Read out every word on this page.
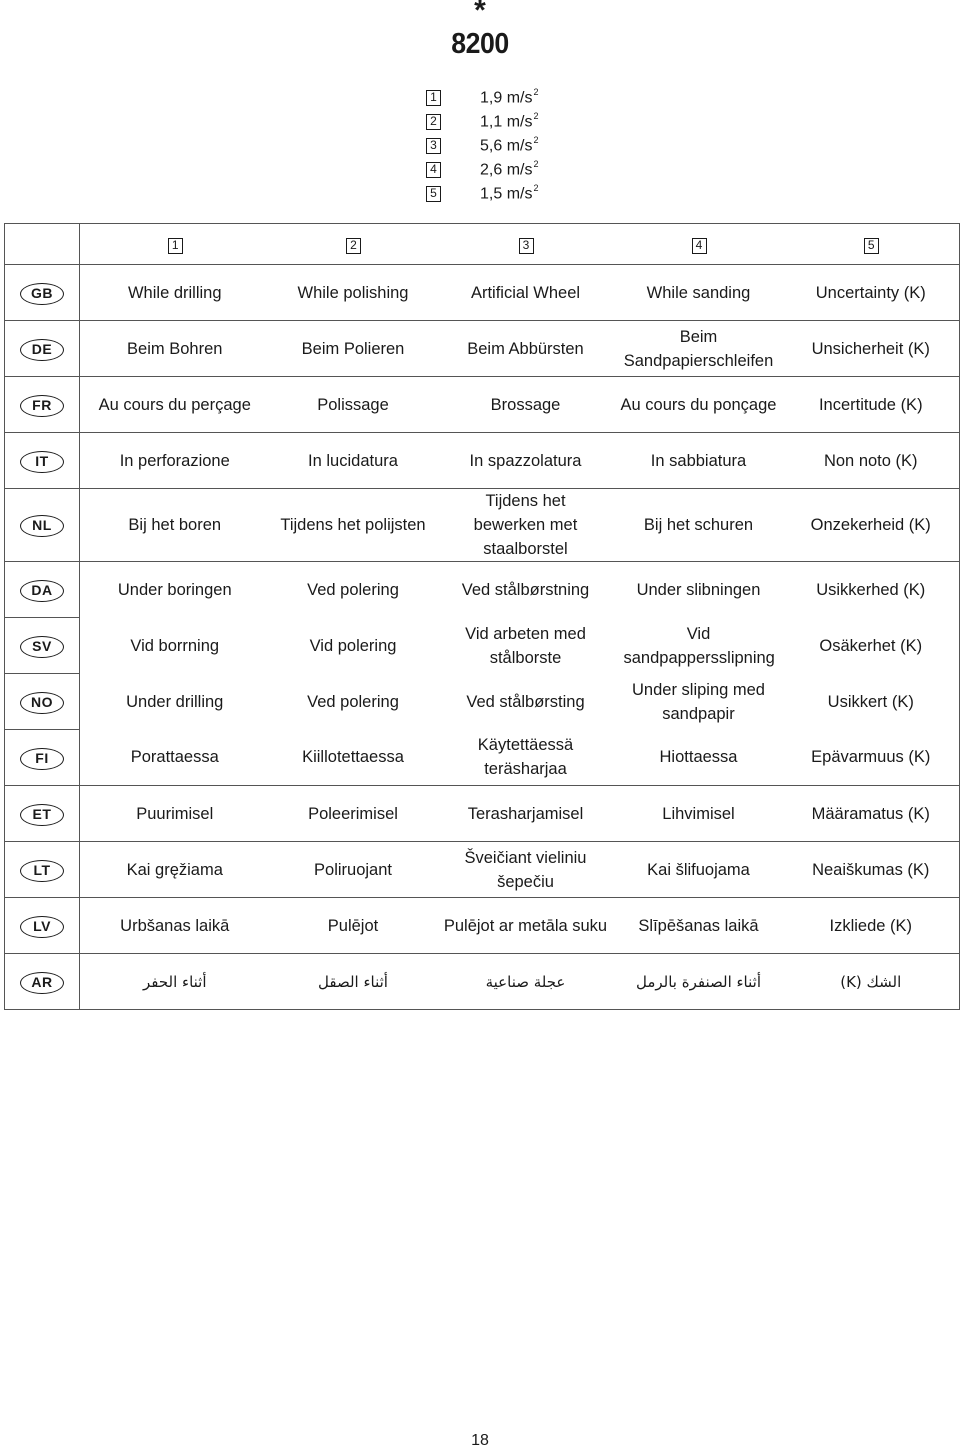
*
8200
1	1,9 $m/s^2$
2	1,1 $m/s^2$
3	5,6 $m/s^2$
4	2,6 $m/s^2$
5	1,5 $m/s^2$
	1	2	3	4	5
GB	While drilling	While polishing	Artificial Wheel	While sanding	Uncertainty (K)
DE	Beim Bohren	Beim Polieren	Beim Abbürsten	Beim Sandpapierschleifen	Unsicherheit (K)
FR	Au cours du perçage	Polissage	Brossage	Au cours du ponçage	Incertitude (K)
IT	In perforazione	In lucidatura	In spazzolatura	In sabbiatura	Non noto (K)
NL	Bij het boren	Tijdens het polijsten	Tijdens het bewerken met staalborstel	Bij het schuren	Onzekerheid (K)
DA	Under boringen	Ved polering	Ved stålbørstning	Under slibningen	Usikkerhed (K)
SV	Vid borrning	Vid polering	Vid arbeten med stålborste	Vid sandpappersslipning	Osäkerhet (K)
NO	Under drilling	Ved polering	Ved stålbørsting	Under sliping med sandpapir	Usikkert (K)
FI	Porattaessa	Kiillotettaessa	Käytettäessä teräsharjaa	Hiottaessa	Epävarmuus (K)
ET	Puurimisel	Poleerimisel	Terasharjamisel	Lihvimisel	Määramatus (K)
LT	Kai gręžiama	Poliruojant	Šveičiant vieliniu šepečiu	Kai šlifuojama	Neaiškumas (K)
LV	Urbšanas laikā	Pulējot	Pulējot ar metāla suku	Slīpēšanas laikā	Izkliede (K)
AR	أثناء الحفر	أثناء الصقل	عجلة صناعية	أثناء الصنفرة بالرمل	الشك (K)
18
